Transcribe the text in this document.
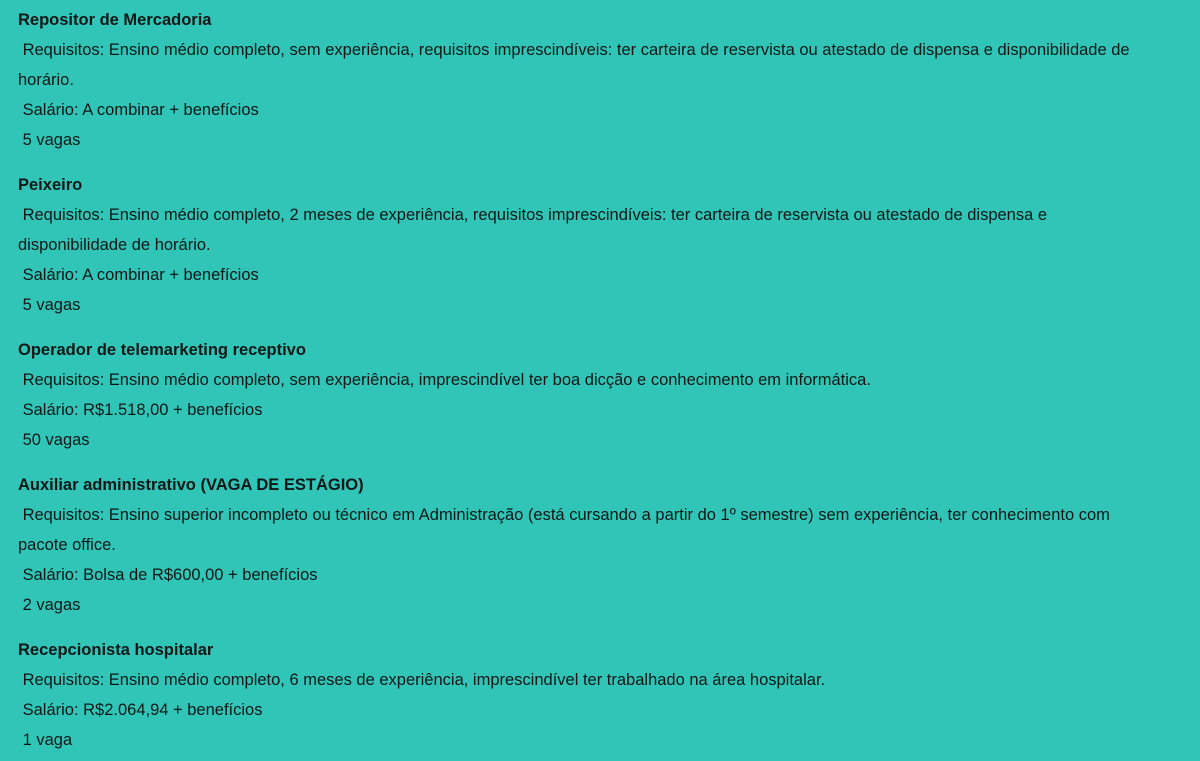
Repositor de Mercadoria

Requisitos: Ensino médio completo, sem experiência, requisitos imprescindíveis: ter carteira de reservista ou atestado de dispensa e disponibilidade de horário.

Salário: A combinar + benefícios

5 vagas

Peixeiro

Requisitos: Ensino médio completo, 2 meses de experiência, requisitos imprescindíveis: ter carteira de reservista ou atestado de dispensa e disponibilidade de horário.

Salário: A combinar + benefícios

5 vagas

Operador de telemarketing receptivo

Requisitos: Ensino médio completo, sem experiência, imprescindível ter boa dicção e conhecimento em informática.

Salário: R$1.518,00 + benefícios

50 vagas

Auxiliar administrativo (VAGA DE ESTÁGIO)

Requisitos: Ensino superior incompleto ou técnico em Administração (está cursando a partir do 1º semestre) sem experiência, ter conhecimento com pacote office.

Salário: Bolsa de R$600,00 + benefícios

2 vagas

Recepcionista hospitalar

Requisitos: Ensino médio completo, 6 meses de experiência, imprescindível ter trabalhado na área hospitalar.

Salário: R$2.064,94 + benefícios

1 vaga
